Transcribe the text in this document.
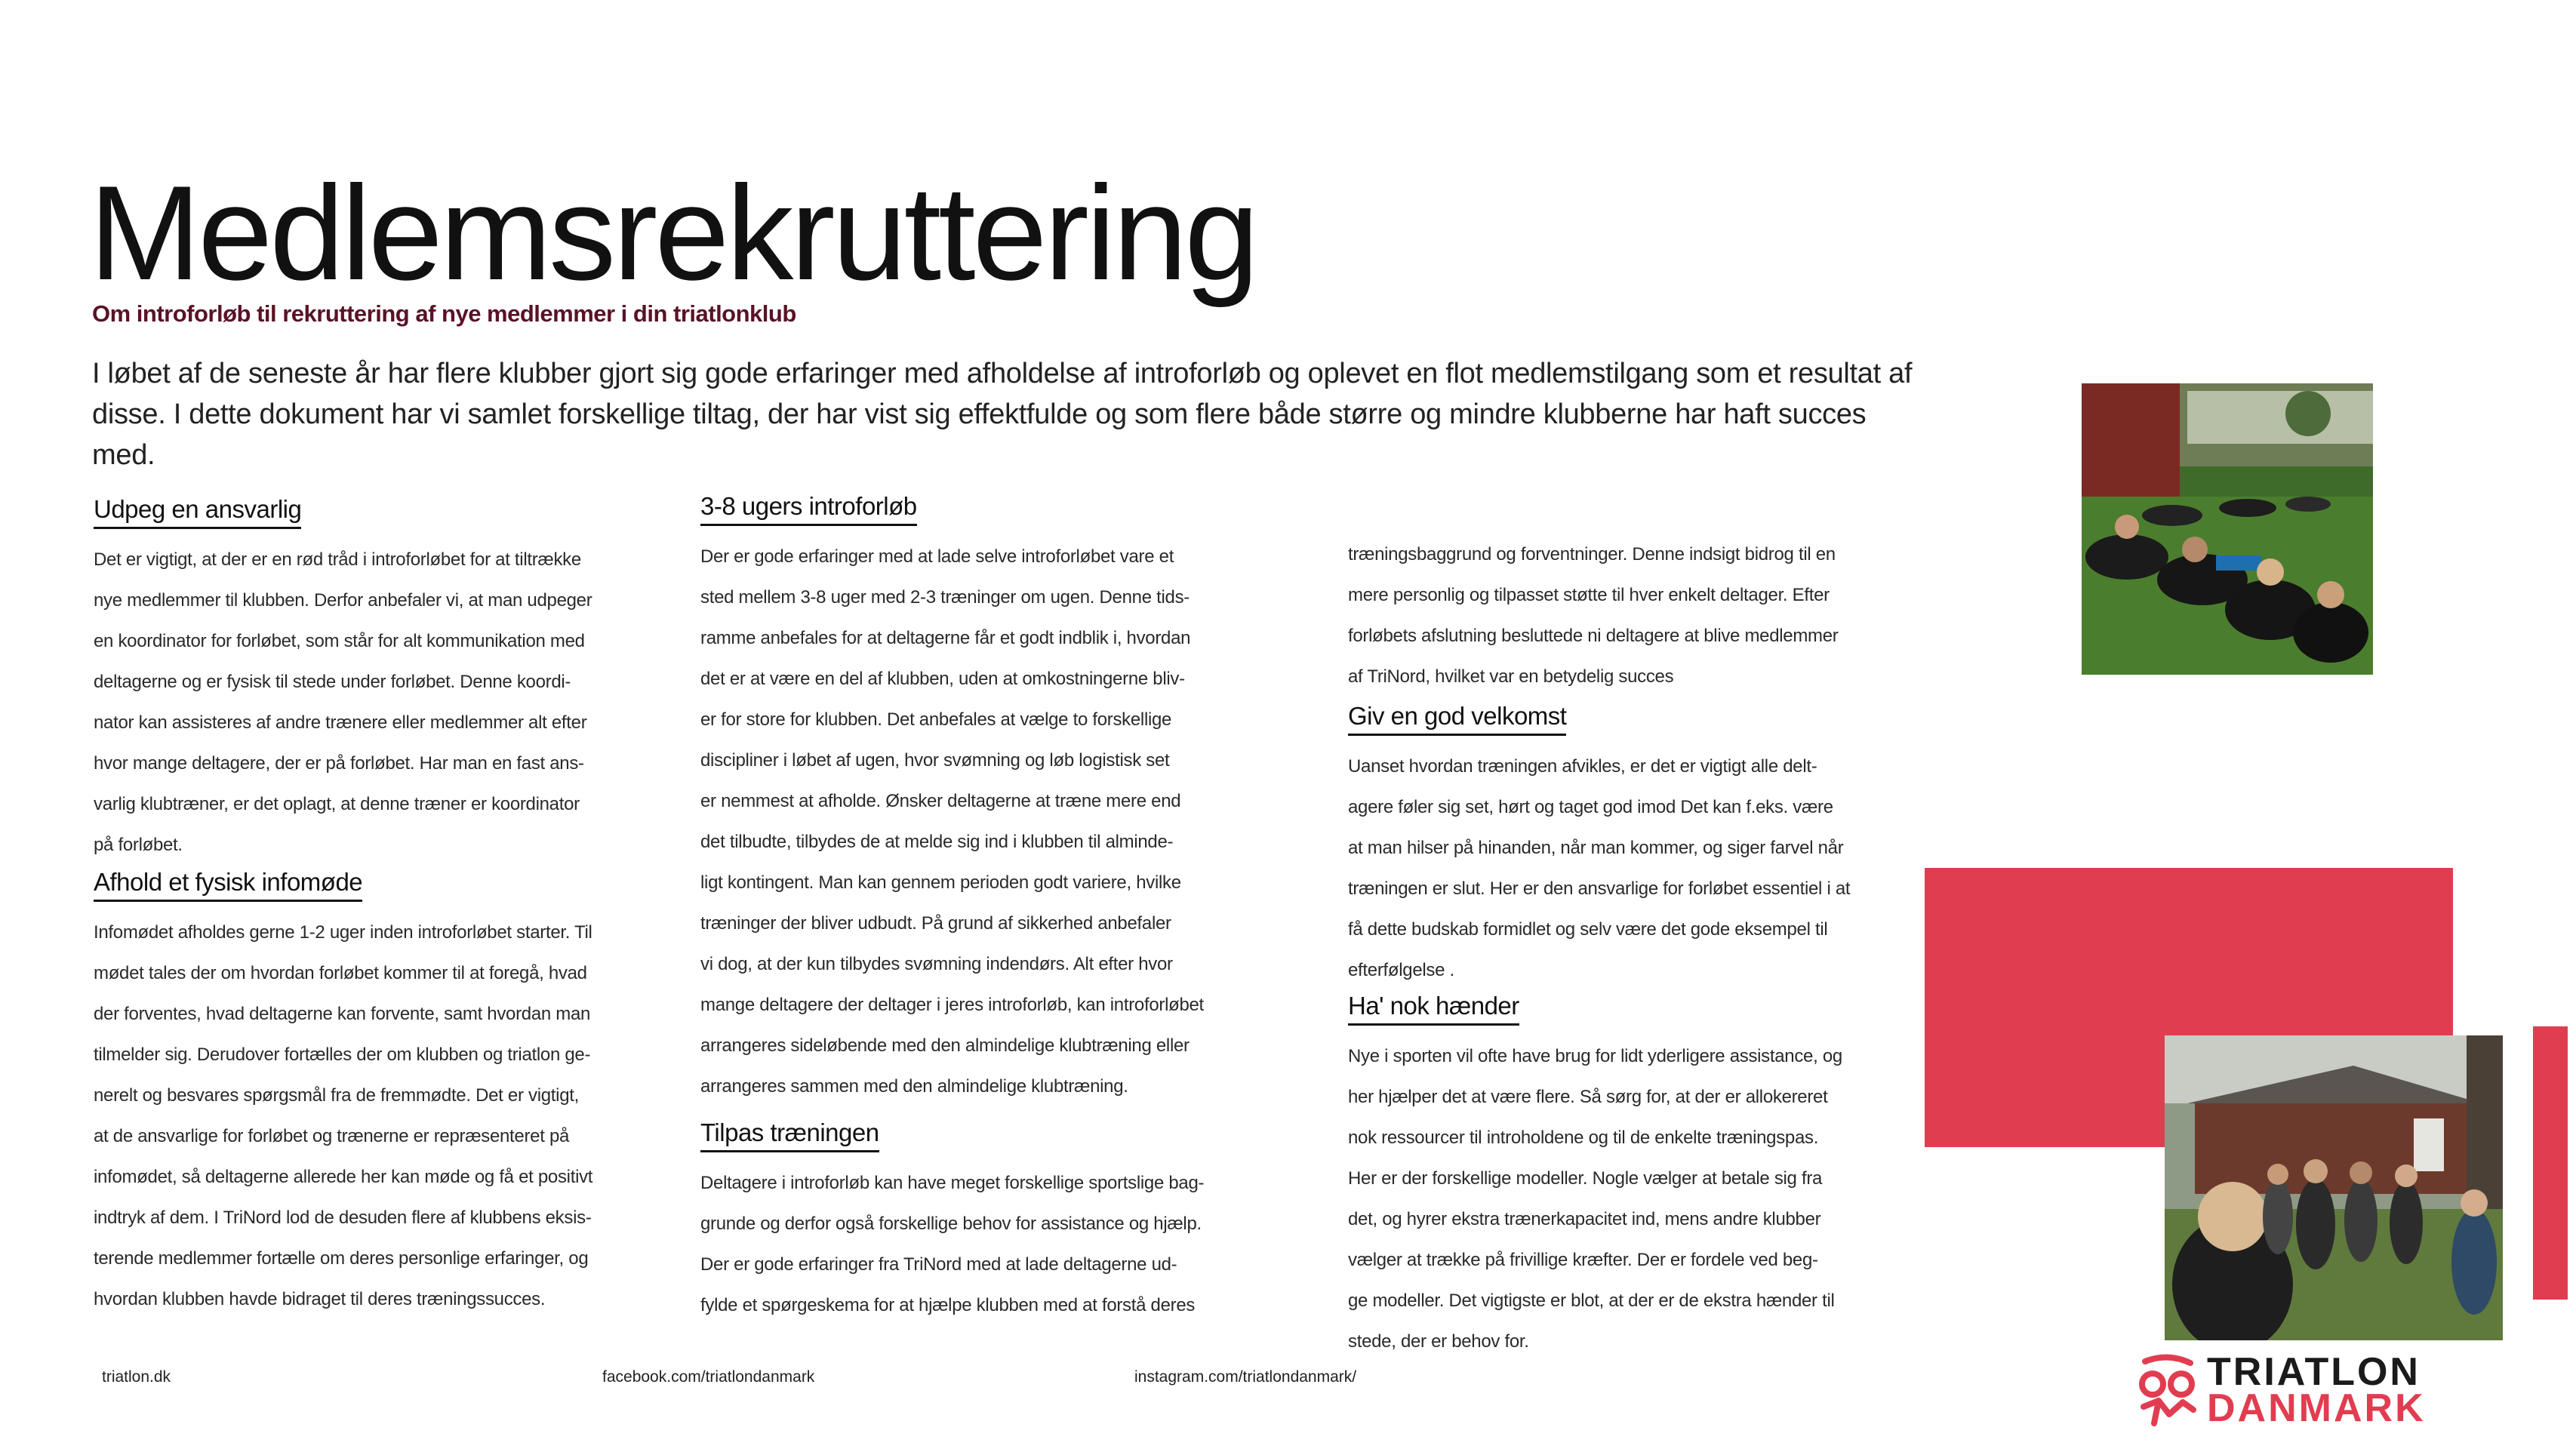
Medlemsrekruttering
Om introforløb til rekruttering af nye medlemmer i din triatlonklub
I løbet af de seneste år har flere klubber gjort sig gode erfaringer med afholdelse af introforløb og oplevet en flot medlemstilgang som et resultat af disse. I dette dokument har vi samlet forskellige tiltag, der har vist sig effektfulde og som flere både større og mindre klubberne har haft succes med.
Udpeg en ansvarlig

Det er vigtigt, at der er en rød tråd i introforløbet for at tiltrække
nye medlemmer til klubben. Derfor anbefaler vi, at man udpeger
en koordinator for forløbet, som står for alt kommunikation med
deltagerne og er fysisk til stede under forløbet. Denne koordi-
nator kan assisteres af andre trænere eller medlemmer alt efter
hvor mange deltagere, der er på forløbet. Har man en fast ans-
varlig klubtræner, er det oplagt, at denne træner er koordinator
på forløbet.

Afhold et fysisk infomøde

Infomødet afholdes gerne 1-2 uger inden introforløbet starter. Til
mødet tales der om hvordan forløbet kommer til at foregå, hvad
der forventes, hvad deltagerne kan forvente, samt hvordan man
tilmelder sig. Derudover fortælles der om klubben og triatlon ge-
nerelt og besvares spørgsmål fra de fremmødte. Det er vigtigt,
at de ansvarlige for forløbet og trænerne er repræsenteret på
infomødet, så deltagerne allerede her kan møde og få et positivt
indtryk af dem. I TriNord lod de desuden flere af klubbens eksis-
terende medlemmer fortælle om deres personlige erfaringer, og
hvordan klubben havde bidraget til deres træningssucces.

3-8 ugers introforløb

Der er gode erfaringer med at lade selve introforløbet vare et
sted mellem 3-8 uger med 2-3 træninger om ugen. Denne tids-
ramme anbefales for at deltagerne får et godt indblik i, hvordan
det er at være en del af klubben, uden at omkostningerne bliv-
er for store for klubben. Det anbefales at vælge to forskellige
discipliner i løbet af ugen, hvor svømning og løb logistisk set
er nemmest at afholde. Ønsker deltagerne at træne mere end
det tilbudte, tilbydes de at melde sig ind i klubben til alminde-
ligt kontingent. Man kan gennem perioden godt variere, hvilke
træninger der bliver udbudt. På grund af sikkerhed anbefaler
vi dog, at der kun tilbydes svømning indendørs. Alt efter hvor
mange deltagere der deltager i jeres introforløb, kan introforløbet
arrangeres sideløbende med den almindelige klubtræning eller
arrangeres sammen med den almindelige klubtræning.

Tilpas træningen

Deltagere i introforløb kan have meget forskellige sportslige bag-
grunde og derfor også forskellige behov for assistance og hjælp.
Der er gode erfaringer fra TriNord med at lade deltagerne ud-
fylde et spørgeskema for at hjælpe klubben med at forstå deres

træningsbaggrund og forventninger. Denne indsigt bidrog til en
mere personlig og tilpasset støtte til hver enkelt deltager. Efter
forløbets afslutning besluttede ni deltagere at blive medlemmer
af TriNord, hvilket var en betydelig succes

Giv en god velkomst

Uanset hvordan træningen afvikles, er det er vigtigt alle delt-
agere føler sig set, hørt og taget god imod Det kan f.eks. være
at man hilser på hinanden, når man kommer, og siger farvel når
træningen er slut. Her er den ansvarlige for forløbet essentiel i at
få dette budskab formidlet og selv være det gode eksempel til
efterfølgelse .

Ha' nok hænder

Nye i sporten vil ofte have brug for lidt yderligere assistance, og
her hjælper det at være flere. Så sørg for, at der er allokereret
nok ressourcer til introholdene og til de enkelte træningspas.
Her er der forskellige modeller. Nogle vælger at betale sig fra
det, og hyrer ekstra trænerkapacitet ind, mens andre klubber
vælger at trække på frivillige kræfter. Der er fordele ved beg-
ge modeller. Det vigtigste er blot, at der er de ekstra hænder til
stede, der er behov for.

triatlon.dk	facebook.com/triatlondanmark	instagram.com/triatlondanmark/	TRIATLON
DANMARK
